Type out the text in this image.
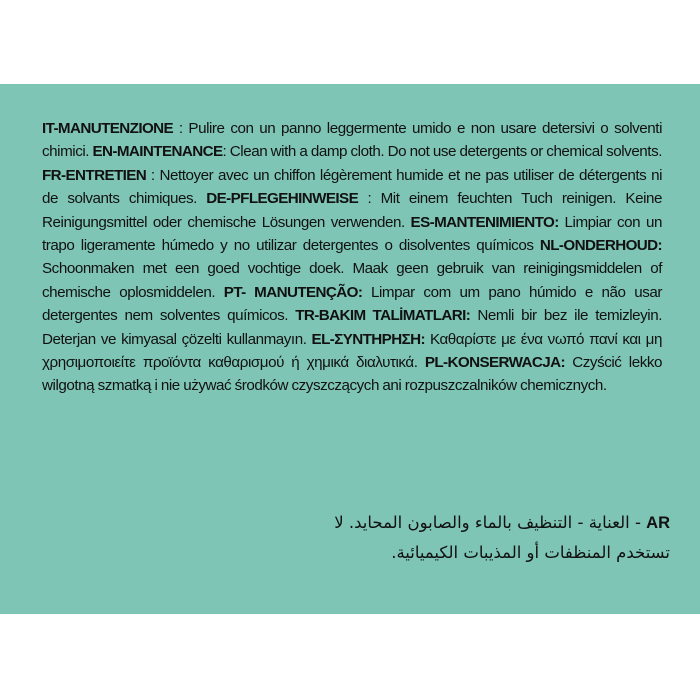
IT-MANUTENZIONE : Pulire con un panno leggermente umido e non usare detersivi o solventi chimici. EN-MAINTENANCE: Clean with a damp cloth. Do not use detergents or chemical solvents. FR-ENTRETIEN : Nettoyer avec un chiffon légèrement humide et ne pas utiliser de détergents ni de solvants chimiques. DE-PFLEGEHINWEISE : Mit einem feuchten Tuch reinigen. Keine Reinigungsmittel oder chemische Lösungen verwenden. ES-MANTENIMIENTO: Limpiar con un trapo ligeramente húmedo y no utilizar detergentes o disolventes químicos NL-ONDERHOUD: Schoonmaken met een goed vochtige doek. Maak geen gebruik van reinigingsmiddelen of chemische oplosmiddelen. PT- MANUTENÇÃO: Limpar com um pano húmido e não usar detergentes nem solventes químicos. TR-BAKIM TALİMATLARI: Nemli bir bez ile temizleyin. Deterjan ve kimyasal çözelti kullanmayın. EL-ΣΥΝΤΗΡΗΣΗ: Καθαρίστε με ένα νωπό πανί και μη χρησιμοποιείτε προϊόντα καθαρισμού ή χημικά διαλυτικά. PL-KONSERWACJA: Czyścić lekko wilgotną szmatką i nie używać środków czyszczących ani rozpuszczalników chemicznych.
AR - العناية - التنظيف بالماء والصابون المحايد. لا تستخدم المنظفات أو المذيبات الكيميائية.
